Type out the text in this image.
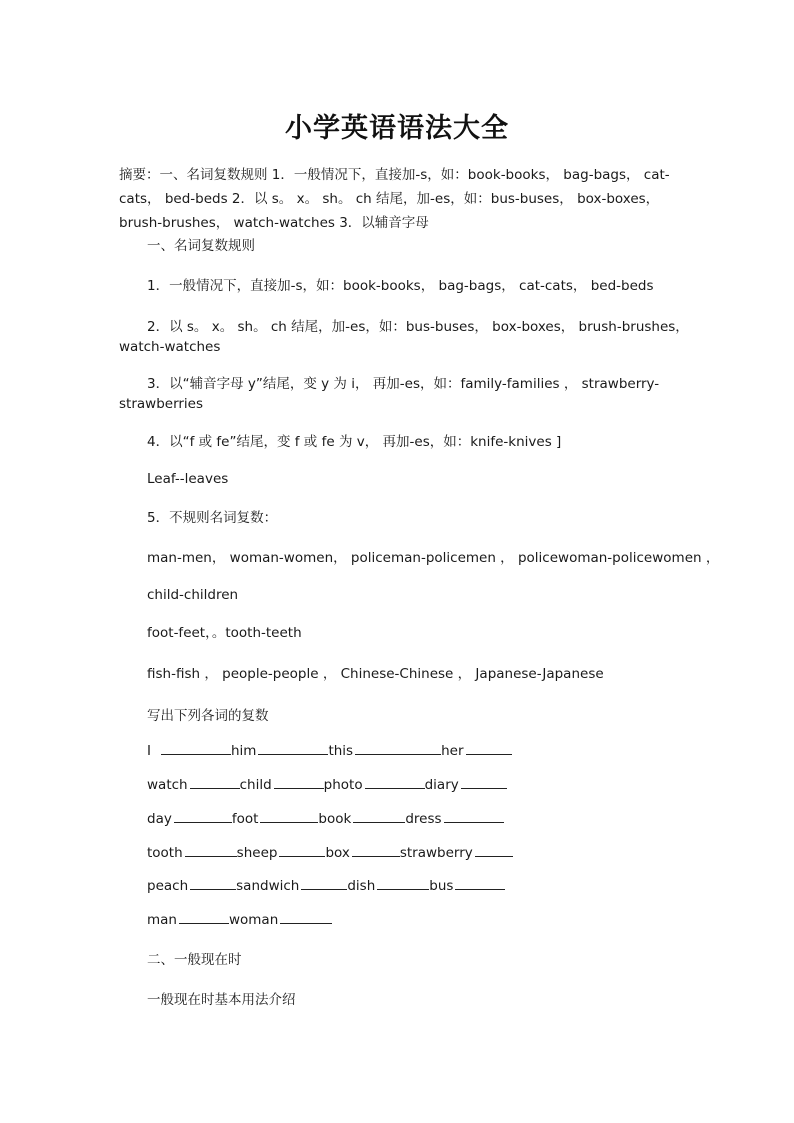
小学英语语法大全
摘要：一、名词复数规则 1．一般情况下，直接加-s，如：book-books， bag-bags， cat-
cats， bed-beds 2．以 s。 x。 sh。 ch 结尾，加-es，如：bus-buses， box-boxes，
brush-brushes， watch-watches 3．以辅音字母
一、名词复数规则
1．一般情况下，直接加-s，如：book-books， bag-bags， cat-cats， bed-beds
2．以 s。 x。 sh。 ch 结尾，加-es，如：bus-buses， box-boxes， brush-brushes，
watch-watches
3．以“辅音字母 y”结尾，变 y 为 i， 再加-es，如：family-families ， strawberry-
strawberries
4．以“f 或 fe”结尾，变 f 或 fe 为 v， 再加-es，如：knife-knives ]
Leaf--leaves
5．不规则名词复数：
man-men， woman-women， policeman-policemen ， policewoman-policewomen ，
child-children
foot-feet，。tooth-teeth
fish-fish ， people-people ， Chinese-Chinese ， Japanese-Japanese
写出下列各词的复数
I	him	this	her
watch	child	photo	diary
day	foot	book	dress
tooth	sheep	box	strawberry
peach	sandwich	dish	bus
man	woman
二、一般现在时
一般现在时基本用法介绍
